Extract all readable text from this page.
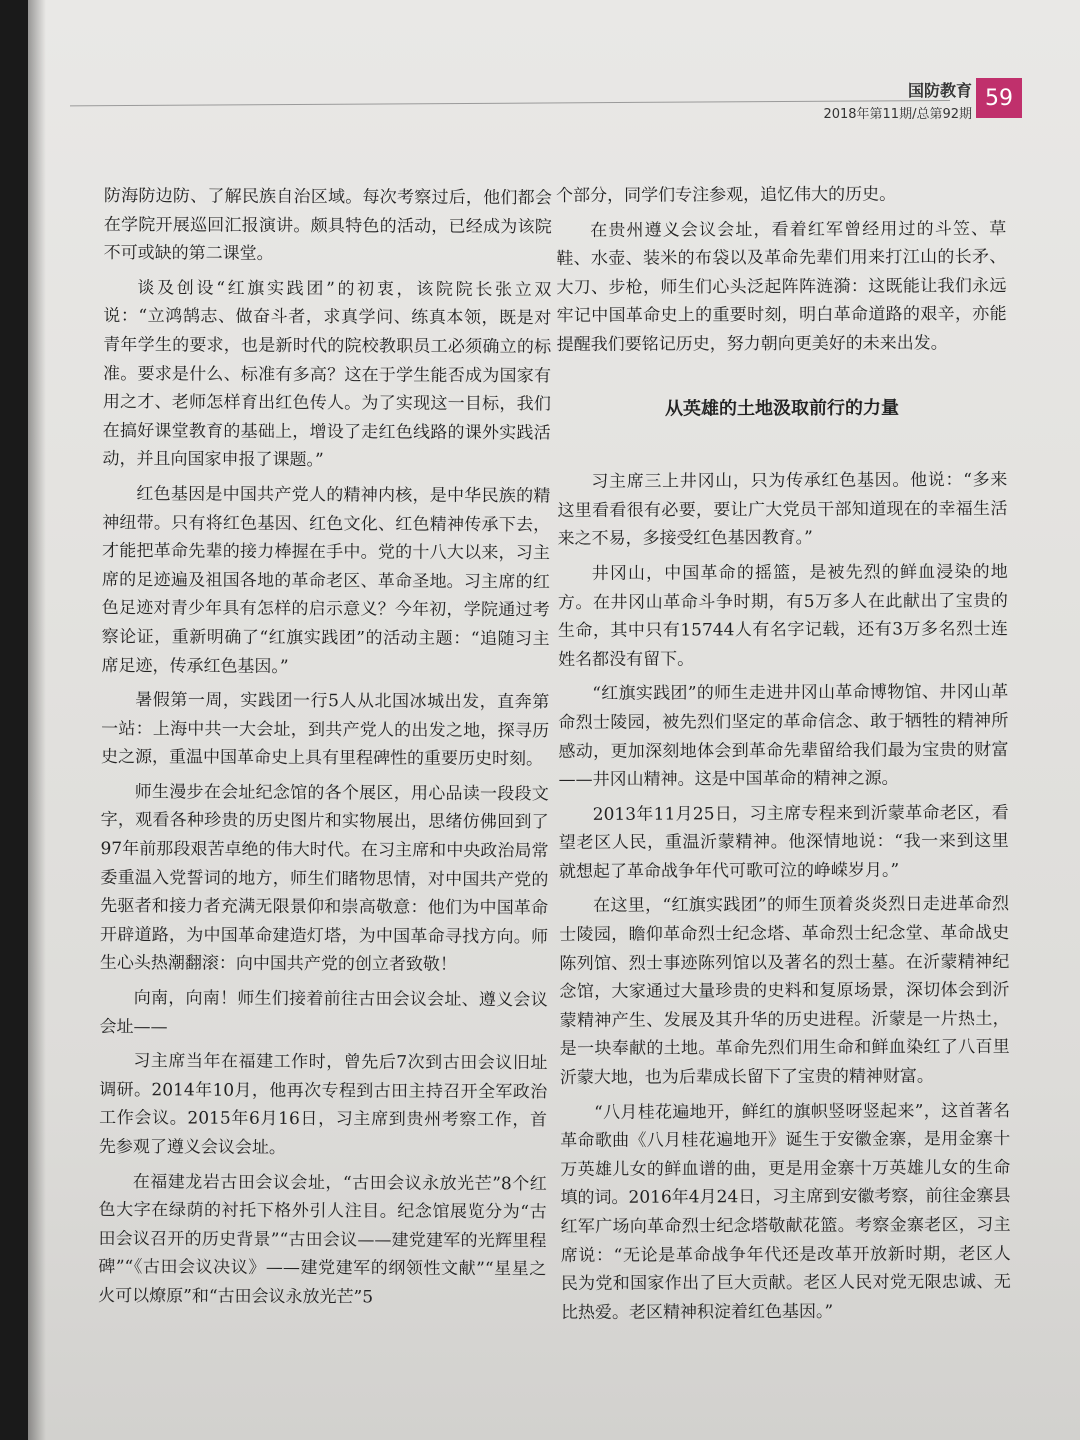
国防教育
2018年第11期/总第92期
59

防海防边防、了解民族自治区域。每次考察过后，他们都会在学院开展巡回汇报演讲。颇具特色的活动，已经成为该院不可或缺的第二课堂。

谈及创设“红旗实践团”的初衷，该院院长张立双说：“立鸿鹄志、做奋斗者，求真学问、练真本领，既是对青年学生的要求，也是新时代的院校教职员工必须确立的标准。要求是什么、标准有多高？这在于学生能否成为国家有用之才、老师怎样育出红色传人。为了实现这一目标，我们在搞好课堂教育的基础上，增设了走红色线路的课外实践活动，并且向国家申报了课题。”

红色基因是中国共产党人的精神内核，是中华民族的精神纽带。只有将红色基因、红色文化、红色精神传承下去，才能把革命先辈的接力棒握在手中。党的十八大以来，习主席的足迹遍及祖国各地的革命老区、革命圣地。习主席的红色足迹对青少年具有怎样的启示意义？今年初，学院通过考察论证，重新明确了“红旗实践团”的活动主题：“追随习主席足迹，传承红色基因。”

暑假第一周，实践团一行5人从北国冰城出发，直奔第一站：上海中共一大会址，到共产党人的出发之地，探寻历史之源，重温中国革命史上具有里程碑性的重要历史时刻。

师生漫步在会址纪念馆的各个展区，用心品读一段段文字，观看各种珍贵的历史图片和实物展出，思绪仿佛回到了97年前那段艰苦卓绝的伟大时代。在习主席和中央政治局常委重温入党誓词的地方，师生们睹物思情，对中国共产党的先驱者和接力者充满无限景仰和崇高敬意：他们为中国革命开辟道路，为中国革命建造灯塔，为中国革命寻找方向。师生心头热潮翻滚：向中国共产党的创立者致敬！

向南，向南！师生们接着前往古田会议会址、遵义会议会址——

习主席当年在福建工作时，曾先后7次到古田会议旧址调研。2014年10月，他再次专程到古田主持召开全军政治工作会议。2015年6月16日，习主席到贵州考察工作，首先参观了遵义会议会址。

在福建龙岩古田会议会址，“古田会议永放光芒”8个红色大字在绿荫的衬托下格外引人注目。纪念馆展览分为“古田会议召开的历史背景”“古田会议——建党建军的光辉里程碑”“《古田会议决议》——建党建军的纲领性文献”“星星之火可以燎原”和“古田会议永放光芒”5

个部分，同学们专注参观，追忆伟大的历史。

在贵州遵义会议会址，看着红军曾经用过的斗笠、草鞋、水壶、装米的布袋以及革命先辈们用来打江山的长矛、大刀、步枪，师生们心头泛起阵阵涟漪：这既能让我们永远牢记中国革命史上的重要时刻，明白革命道路的艰辛，亦能提醒我们要铭记历史，努力朝向更美好的未来出发。

从英雄的土地汲取前行的力量

习主席三上井冈山，只为传承红色基因。他说：“多来这里看看很有必要，要让广大党员干部知道现在的幸福生活来之不易，多接受红色基因教育。”

井冈山，中国革命的摇篮，是被先烈的鲜血浸染的地方。在井冈山革命斗争时期，有5万多人在此献出了宝贵的生命，其中只有15744人有名字记载，还有3万多名烈士连姓名都没有留下。

“红旗实践团”的师生走进井冈山革命博物馆、井冈山革命烈士陵园，被先烈们坚定的革命信念、敢于牺牲的精神所感动，更加深刻地体会到革命先辈留给我们最为宝贵的财富——井冈山精神。这是中国革命的精神之源。

2013年11月25日，习主席专程来到沂蒙革命老区，看望老区人民，重温沂蒙精神。他深情地说：“我一来到这里就想起了革命战争年代可歌可泣的峥嵘岁月。”

在这里，“红旗实践团”的师生顶着炎炎烈日走进革命烈士陵园，瞻仰革命烈士纪念塔、革命烈士纪念堂、革命战史陈列馆、烈士事迹陈列馆以及著名的烈士墓。在沂蒙精神纪念馆，大家通过大量珍贵的史料和复原场景，深切体会到沂蒙精神产生、发展及其升华的历史进程。沂蒙是一片热土，是一块奉献的土地。革命先烈们用生命和鲜血染红了八百里沂蒙大地，也为后辈成长留下了宝贵的精神财富。

“八月桂花遍地开，鲜红的旗帜竖呀竖起来”，这首著名革命歌曲《八月桂花遍地开》诞生于安徽金寨，是用金寨十万英雄儿女的鲜血谱的曲，更是用金寨十万英雄儿女的生命填的词。2016年4月24日，习主席到安徽考察，前往金寨县红军广场向革命烈士纪念塔敬献花篮。考察金寨老区，习主席说：“无论是革命战争年代还是改革开放新时期，老区人民为党和国家作出了巨大贡献。老区人民对党无限忠诚、无比热爱。老区精神积淀着红色基因。”
